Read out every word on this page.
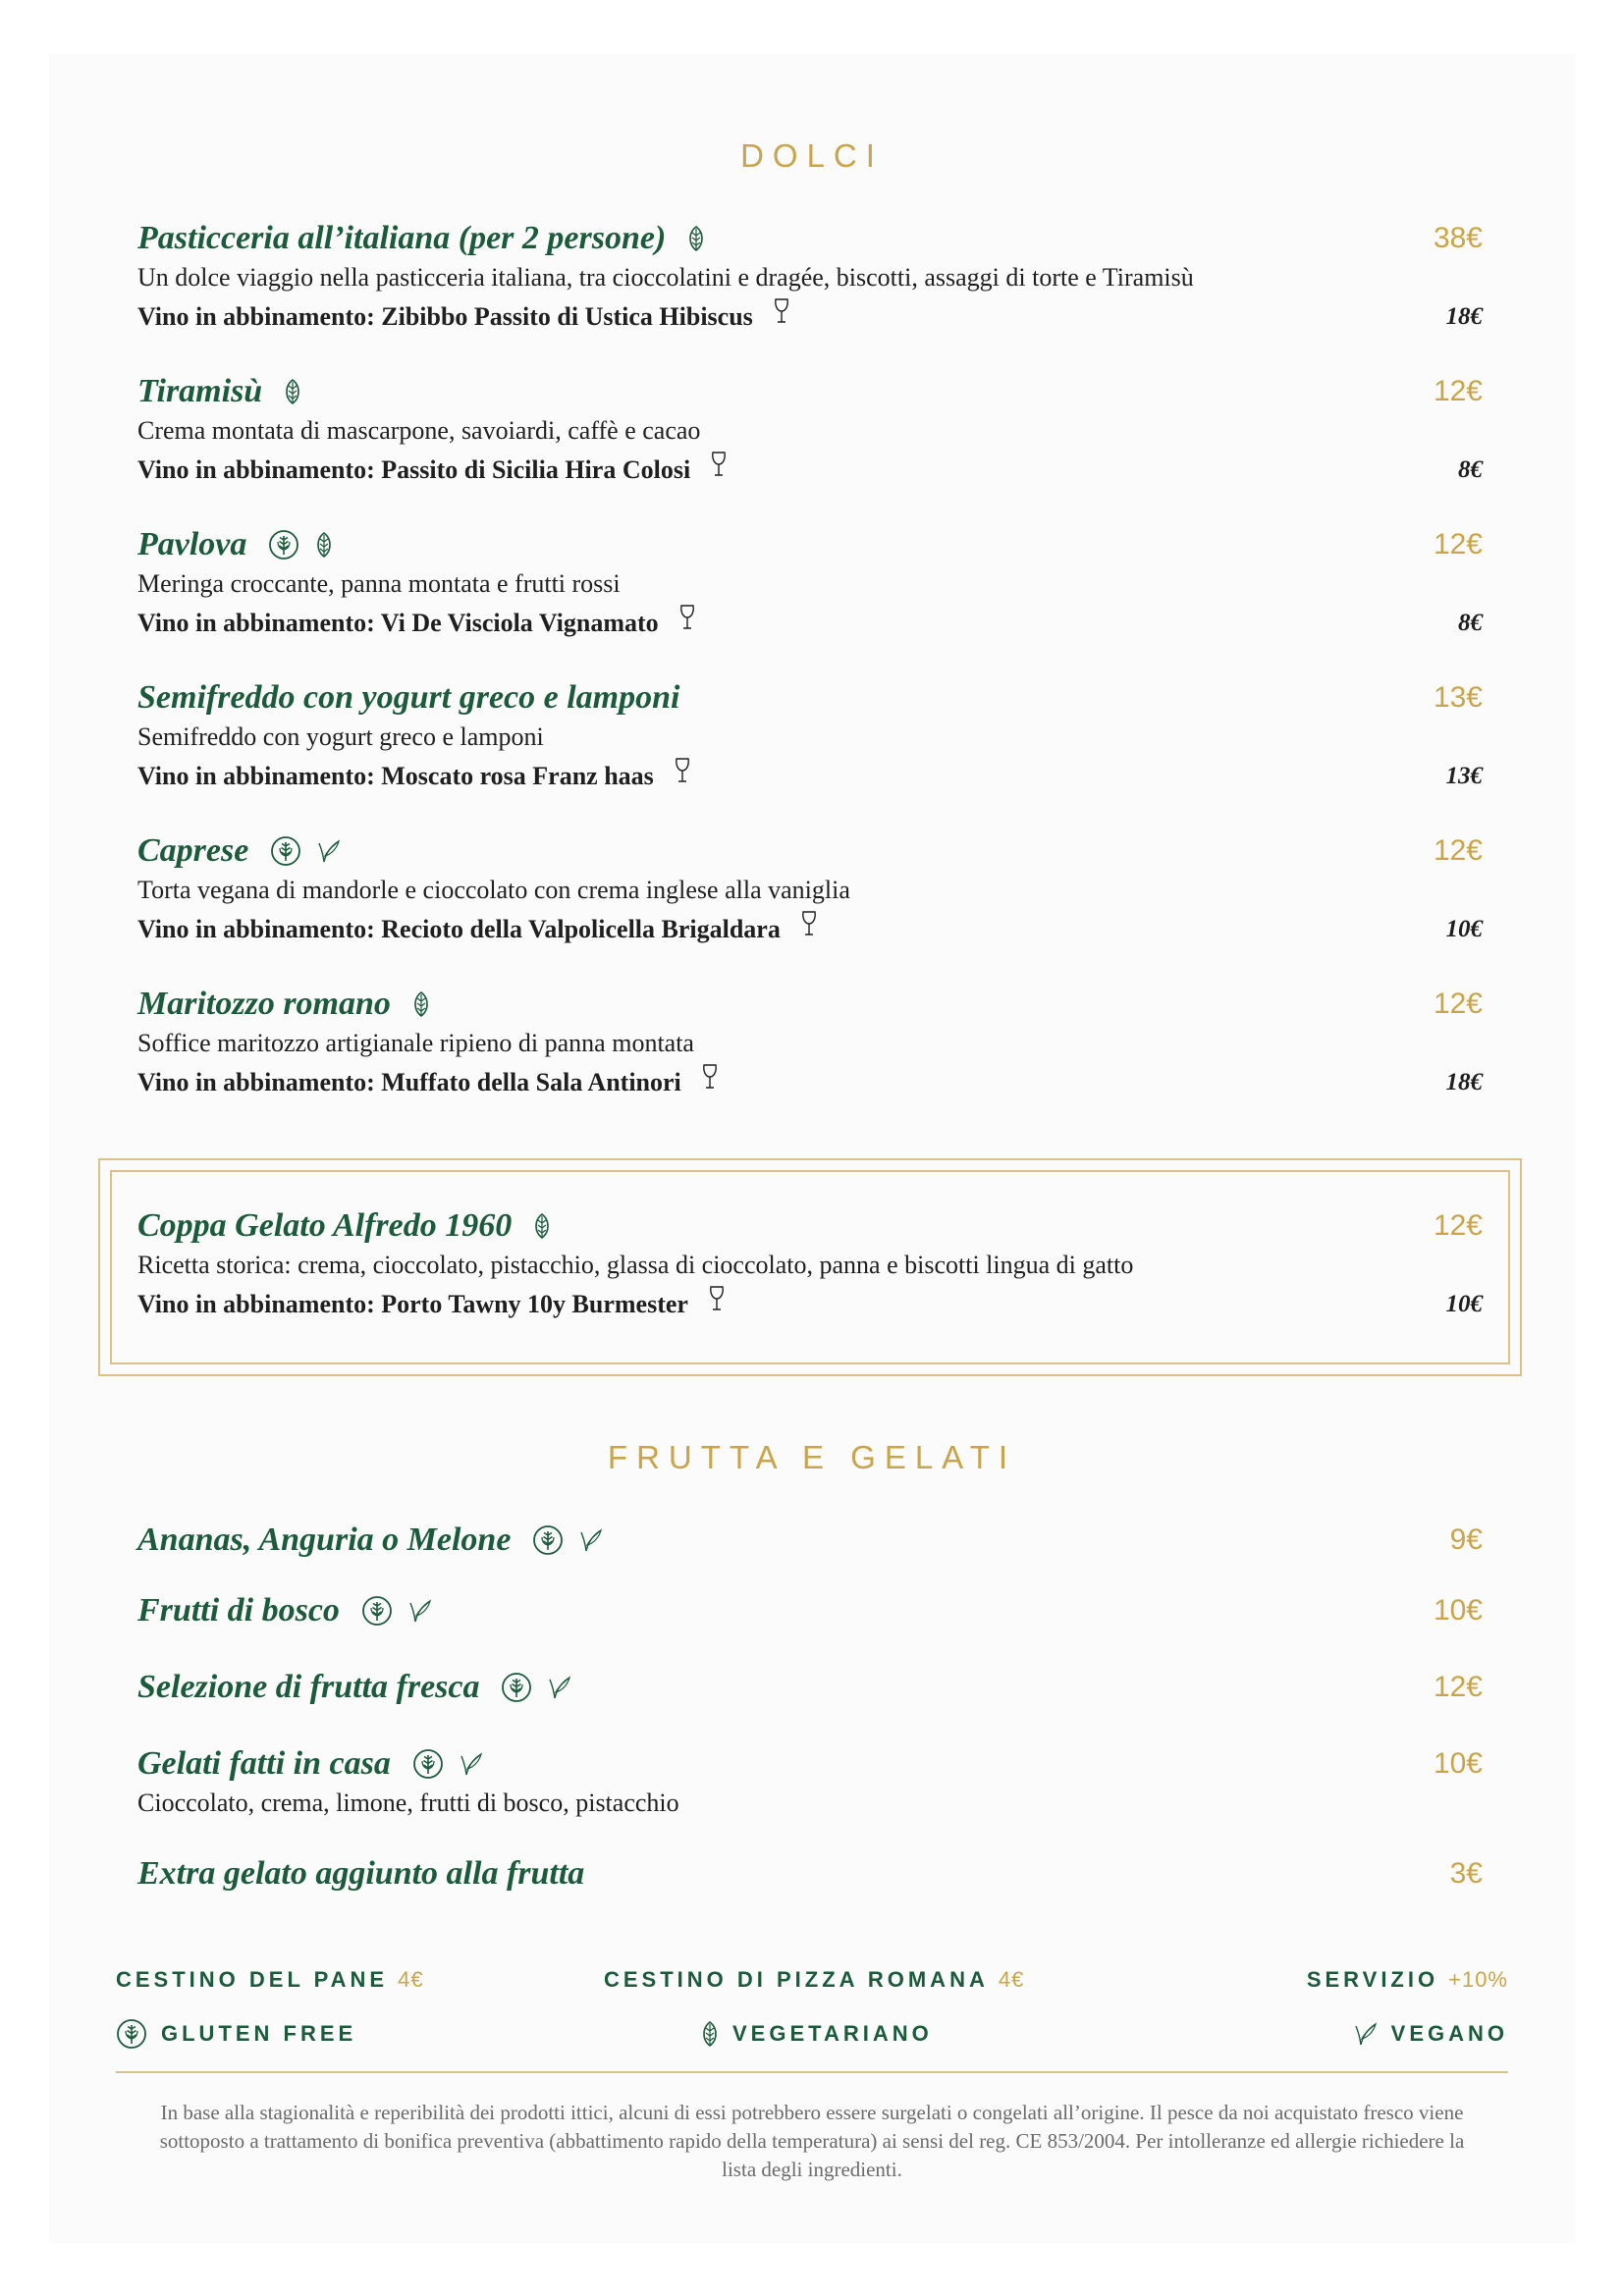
DOLCI
Pasticceria all’italiana (per 2 persone)	38€
Un dolce viaggio nella pasticceria italiana, tra cioccolatini e dragée, biscotti, assaggi di torte e Tiramisù
Vino in abbinamento: Zibibbo Passito di Ustica Hibiscus	18€
Tiramisù	12€
Crema montata di mascarpone, savoiardi, caffè e cacao
Vino in abbinamento: Passito di Sicilia Hira Colosi	8€
Pavlova	12€
Meringa croccante, panna montata e frutti rossi
Vino in abbinamento: Vi De Visciola Vignamato	8€
Semifreddo con yogurt greco e lamponi	13€
Semifreddo con yogurt greco e lamponi
Vino in abbinamento: Moscato rosa Franz haas	13€
Caprese	12€
Torta vegana di mandorle e cioccolato con crema inglese alla vaniglia
Vino in abbinamento: Recioto della Valpolicella Brigaldara	10€
Maritozzo romano	12€
Soffice maritozzo artigianale ripieno di panna montata
Vino in abbinamento: Muffato della Sala Antinori	18€
Coppa Gelato Alfredo 1960	12€
Ricetta storica: crema, cioccolato, pistacchio, glassa di cioccolato, panna e biscotti lingua di gatto
Vino in abbinamento: Porto Tawny 10y Burmester	10€
FRUTTA E GELATI
Ananas, Anguria o Melone	9€
Frutti di bosco	10€
Selezione di frutta fresca	12€
Gelati fatti in casa	10€
Cioccolato, crema, limone, frutti di bosco, pistacchio
Extra gelato aggiunto alla frutta	3€
CESTINO DEL PANE 4€	CESTINO DI PIZZA ROMANA 4€	SERVIZIO +10%
GLUTEN FREE	VEGETARIANO	VEGANO
In base alla stagionalità e reperibilità dei prodotti ittici, alcuni di essi potrebbero essere surgelati o congelati all’origine. Il pesce da noi acquistato fresco viene sottoposto a trattamento di bonifica preventiva (abbattimento rapido della temperatura) ai sensi del reg. CE 853/2004. Per intolleranze ed allergie richiedere la lista degli ingredienti.
